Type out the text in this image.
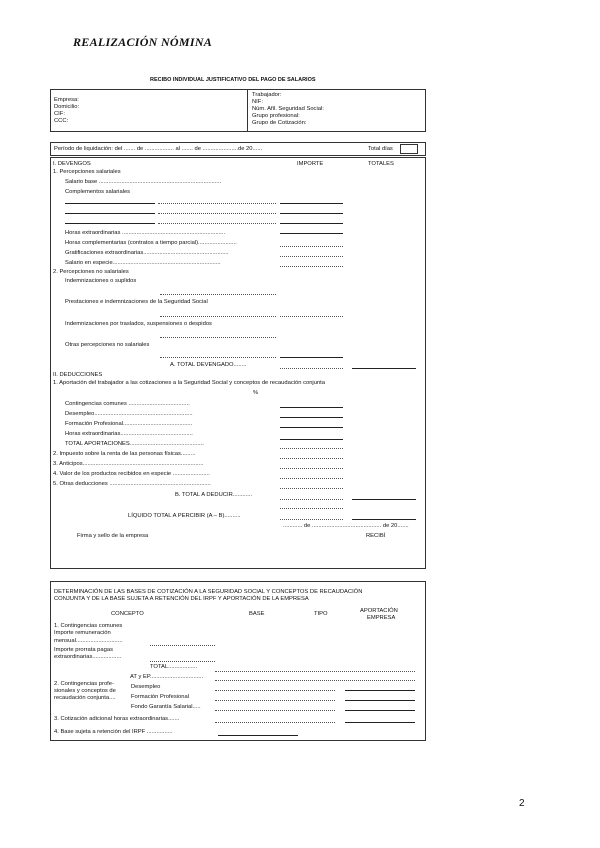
REALIZACIÓN NÓMINA
RECIBO INDIVIDUAL JUSTIFICATIVO DEL PAGO DE SALARIOS
Empresa:
Domicilio:
CIF:
CCC:
Trabajador:
NIF:
Núm. Afil. Seguridad Social:
Grupo profesional:
Grupo de Cotización:
Período de liquidación: del ....... de .................. al ....... de ......................de 20......	Total días
I. DEVENGOS	IMPORTE	TOTALES
1. Percepciones salariales
Salario base ............................................................................
Complementos salariales
Horas extraordinarias ................................................................
Horas complementarias (contratos a tiempo parcial)........................
Gratificaciones extraordinarias.....................................................
Salario en especie...................................................................
2. Percepciones no salariales
Indemnizaciones o suplidos
Prestaciones e indemnizaciones de la Seguridad Social
Indemnizaciones por traslados, suspensiones o despidos
Otras percepciones no salariales
A. TOTAL DEVENGADO........
II. DEDUCCIONES
1. Aportación del trabajador a las cotizaciones a la Seguridad Social y conceptos de recaudación conjunta
%
Contingencias comunes ......................................
Desempleo.............................................................
Formación Profesional...........................................
Horas extraordinarias.............................................
TOTAL APORTACIONES..............................................
2. Impuesto sobre la renta de las personas físicas.........
3. Anticipos...........................................................................
4. Valor de los productos recibidos en especie .......................
5. Otras deducciones ...............................................................
B. TOTAL A DEDUCIR............
LÍQUIDO TOTAL A PERCIBIR (A – B)..........
............ de ........................................... de 20.......
Firma y sello de la empresa	RECIBÍ
DETERMINACIÓN DE LAS BASES DE COTIZACIÓN A LA SEGURIDAD SOCIAL Y CONCEPTOS DE RECAUDACIÓN
CONJUNTA Y DE LA BASE SUJETA A RETENCIÓN DEL IRPF Y APORTACIÓN DE LA EMPRESA
CONCEPTO	BASE	TIPO	APORTACIÓN
EMPRESA
1. Contingencias comunes
Importe remuneración
mensual.............................
Importe prorrata pagas
extraordinarias..................
TOTAL..................
AT y EP.................................
2. Contingencias profe-
sionales y conceptos de
recaudación conjunta....
Desempleo
Formación Profesional
Fondo Garantía Salarial.....
3. Cotización adicional horas extraordinarias.......
4. Base sujeta a retención del IRPF ................
2
